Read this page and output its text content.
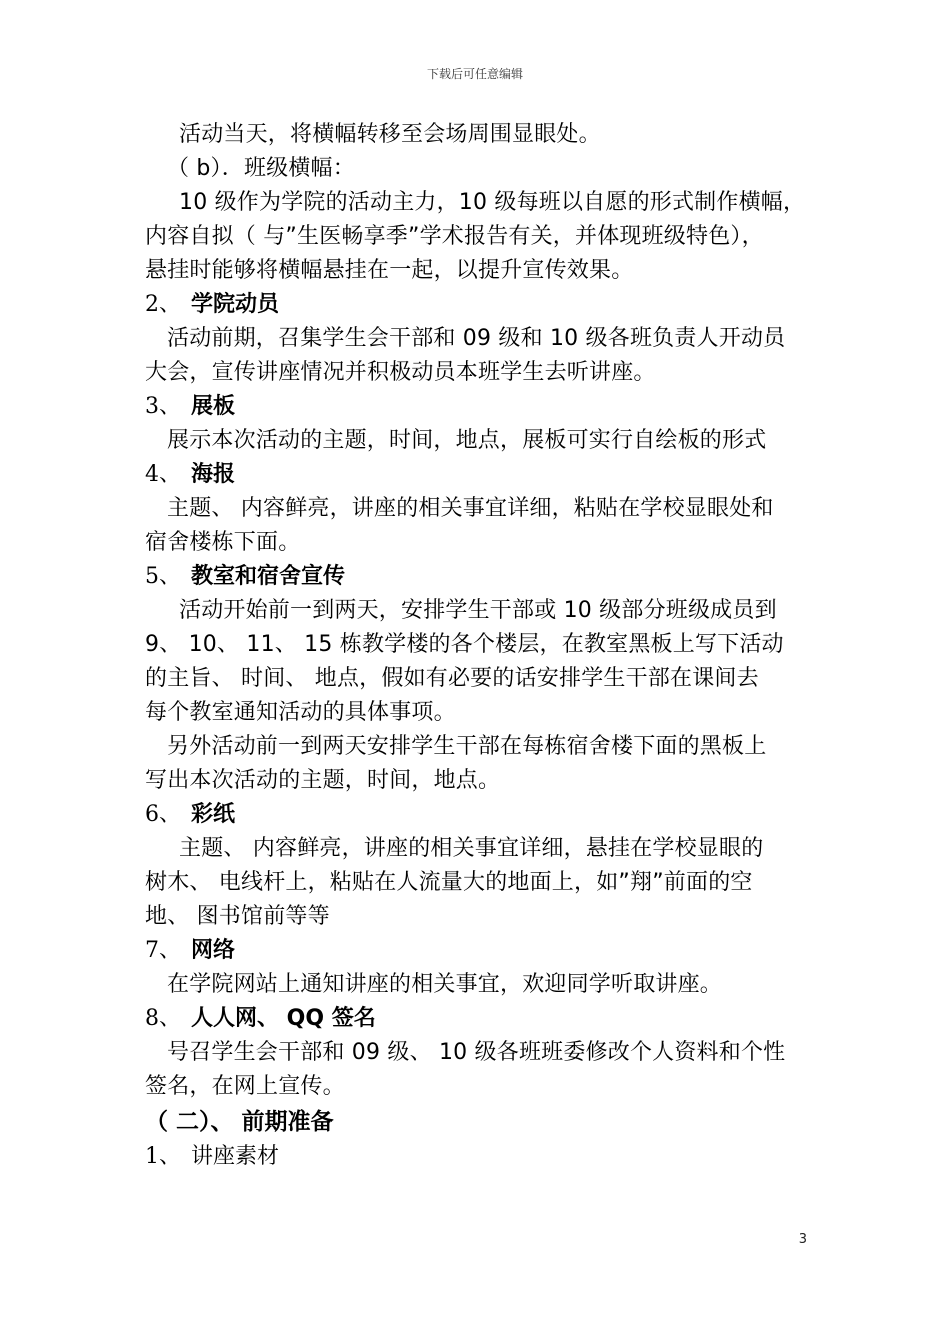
下载后可任意编辑

活动当天，将横幅转移至会场周围显眼处。

（ b）．班级横幅：

10 级作为学院的活动主力，10 级每班以自愿的形式制作横幅，

内容自拟（ 与”生医畅享季”学术报告有关，并体现班级特色），

悬挂时能够将横幅悬挂在一起，以提升宣传效果。

2、 学院动员

活动前期，召集学生会干部和 09 级和 10 级各班负责人开动员

大会，宣传讲座情况并积极动员本班学生去听讲座。

3、 展板

展示本次活动的主题，时间，地点，展板可实行自绘板的形式

4、 海报

主题、 内容鲜亮，讲座的相关事宜详细，粘贴在学校显眼处和

宿舍楼栋下面。

5、 教室和宿舍宣传

活动开始前一到两天，安排学生干部或 10 级部分班级成员到

9、 10、 11、 15 栋教学楼的各个楼层，在教室黑板上写下活动

的主旨、 时间、 地点，假如有必要的话安排学生干部在课间去

每个教室通知活动的具体事项。

另外活动前一到两天安排学生干部在每栋宿舍楼下面的黑板上

写出本次活动的主题，时间，地点。

6、 彩纸

主题、 内容鲜亮，讲座的相关事宜详细，悬挂在学校显眼的

树木、 电线杆上，粘贴在人流量大的地面上，如”翔”前面的空

地、 图书馆前等等

7、 网络

在学院网站上通知讲座的相关事宜，欢迎同学听取讲座。

8、 人人网、 QQ 签名

号召学生会干部和 09 级、 10 级各班班委修改个人资料和个性

签名，在网上宣传。

（ 二）、 前期准备

1、 讲座素材

3
